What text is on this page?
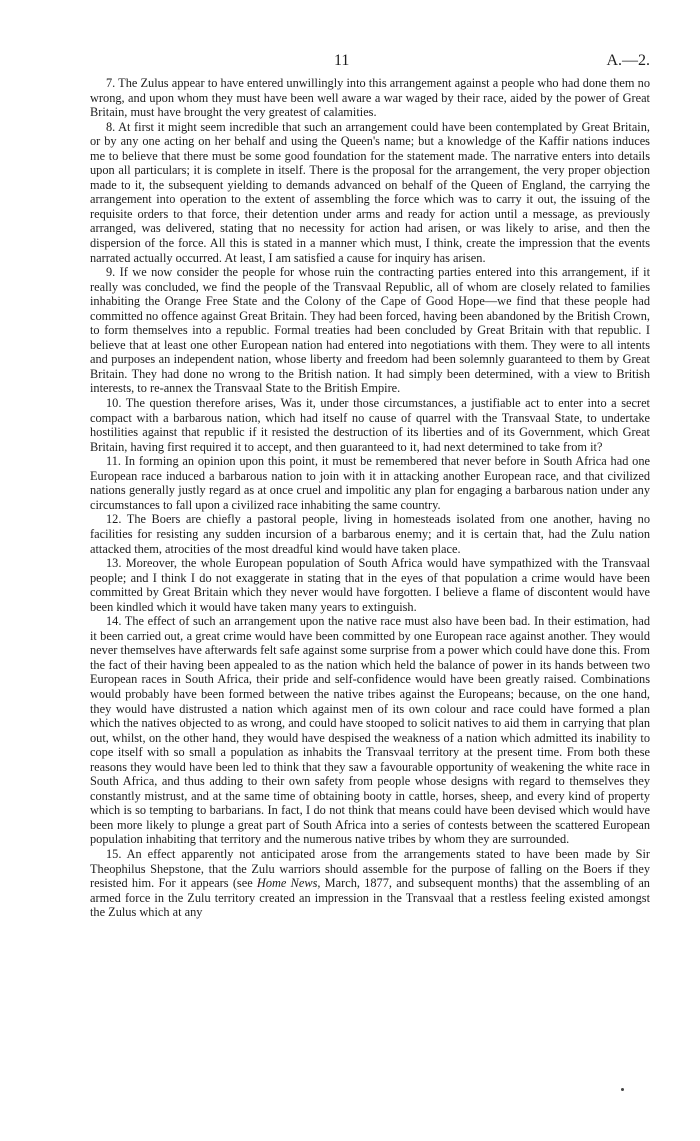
11	A.—2.

7. The Zulus appear to have entered unwillingly into this arrangement against a people who had done them no wrong, and upon whom they must have been well aware a war waged by their race, aided by the power of Great Britain, must have brought the very greatest of calamities.

8. At first it might seem incredible that such an arrangement could have been contemplated by Great Britain, or by any one acting on her behalf and using the Queen's name; but a knowledge of the Kaffir nations induces me to believe that there must be some good foundation for the statement made. The narrative enters into details upon all particulars; it is complete in itself. There is the proposal for the arrangement, the very proper objection made to it, the subsequent yielding to demands advanced on behalf of the Queen of England, the carrying the arrangement into operation to the extent of assembling the force which was to carry it out, the issuing of the requisite orders to that force, their detention under arms and ready for action until a message, as previously arranged, was delivered, stating that no necessity for action had arisen, or was likely to arise, and then the dispersion of the force. All this is stated in a manner which must, I think, create the impression that the events narrated actually occurred. At least, I am satisfied a cause for inquiry has arisen.

9. If we now consider the people for whose ruin the contracting parties entered into this arrangement, if it really was concluded, we find the people of the Transvaal Republic, all of whom are closely related to families inhabiting the Orange Free State and the Colony of the Cape of Good Hope—we find that these people had committed no offence against Great Britain. They had been forced, having been abandoned by the British Crown, to form themselves into a republic. Formal treaties had been concluded by Great Britain with that republic. I believe that at least one other European nation had entered into negotiations with them. They were to all intents and purposes an independent nation, whose liberty and freedom had been solemnly guaranteed to them by Great Britain. They had done no wrong to the British nation. It had simply been determined, with a view to British interests, to re-annex the Transvaal State to the British Empire.

10. The question therefore arises, Was it, under those circumstances, a justifiable act to enter into a secret compact with a barbarous nation, which had itself no cause of quarrel with the Transvaal State, to undertake hostilities against that republic if it resisted the destruction of its liberties and of its Government, which Great Britain, having first required it to accept, and then guaranteed to it, had next determined to take from it?

11. In forming an opinion upon this point, it must be remembered that never before in South Africa had one European race induced a barbarous nation to join with it in attacking another European race, and that civilized nations generally justly regard as at once cruel and impolitic any plan for engaging a barbarous nation under any circumstances to fall upon a civilized race inhabiting the same country.

12. The Boers are chiefly a pastoral people, living in homesteads isolated from one another, having no facilities for resisting any sudden incursion of a barbarous enemy; and it is certain that, had the Zulu nation attacked them, atrocities of the most dreadful kind would have taken place.

13. Moreover, the whole European population of South Africa would have sympathized with the Transvaal people; and I think I do not exaggerate in stating that in the eyes of that population a crime would have been committed by Great Britain which they never would have forgotten. I believe a flame of discontent would have been kindled which it would have taken many years to extinguish.

14. The effect of such an arrangement upon the native race must also have been bad. In their estimation, had it been carried out, a great crime would have been committed by one European race against another. They would never themselves have afterwards felt safe against some surprise from a power which could have done this. From the fact of their having been appealed to as the nation which held the balance of power in its hands between two European races in South Africa, their pride and self-confidence would have been greatly raised. Combinations would probably have been formed between the native tribes against the Europeans; because, on the one hand, they would have distrusted a nation which against men of its own colour and race could have formed a plan which the natives objected to as wrong, and could have stooped to solicit natives to aid them in carrying that plan out, whilst, on the other hand, they would have despised the weakness of a nation which admitted its inability to cope itself with so small a population as inhabits the Transvaal territory at the present time. From both these reasons they would have been led to think that they saw a favourable opportunity of weakening the white race in South Africa, and thus adding to their own safety from people whose designs with regard to themselves they constantly mistrust, and at the same time of obtaining booty in cattle, horses, sheep, and every kind of property which is so tempting to barbarians. In fact, I do not think that means could have been devised which would have been more likely to plunge a great part of South Africa into a series of contests between the scattered European population inhabiting that territory and the numerous native tribes by whom they are surrounded.

15. An effect apparently not anticipated arose from the arrangements stated to have been made by Sir Theophilus Shepstone, that the Zulu warriors should assemble for the purpose of falling on the Boers if they resisted him. For it appears (see Home News, March, 1877, and subsequent months) that the assembling of an armed force in the Zulu territory created an impression in the Transvaal that a restless feeling existed amongst the Zulus which at any
